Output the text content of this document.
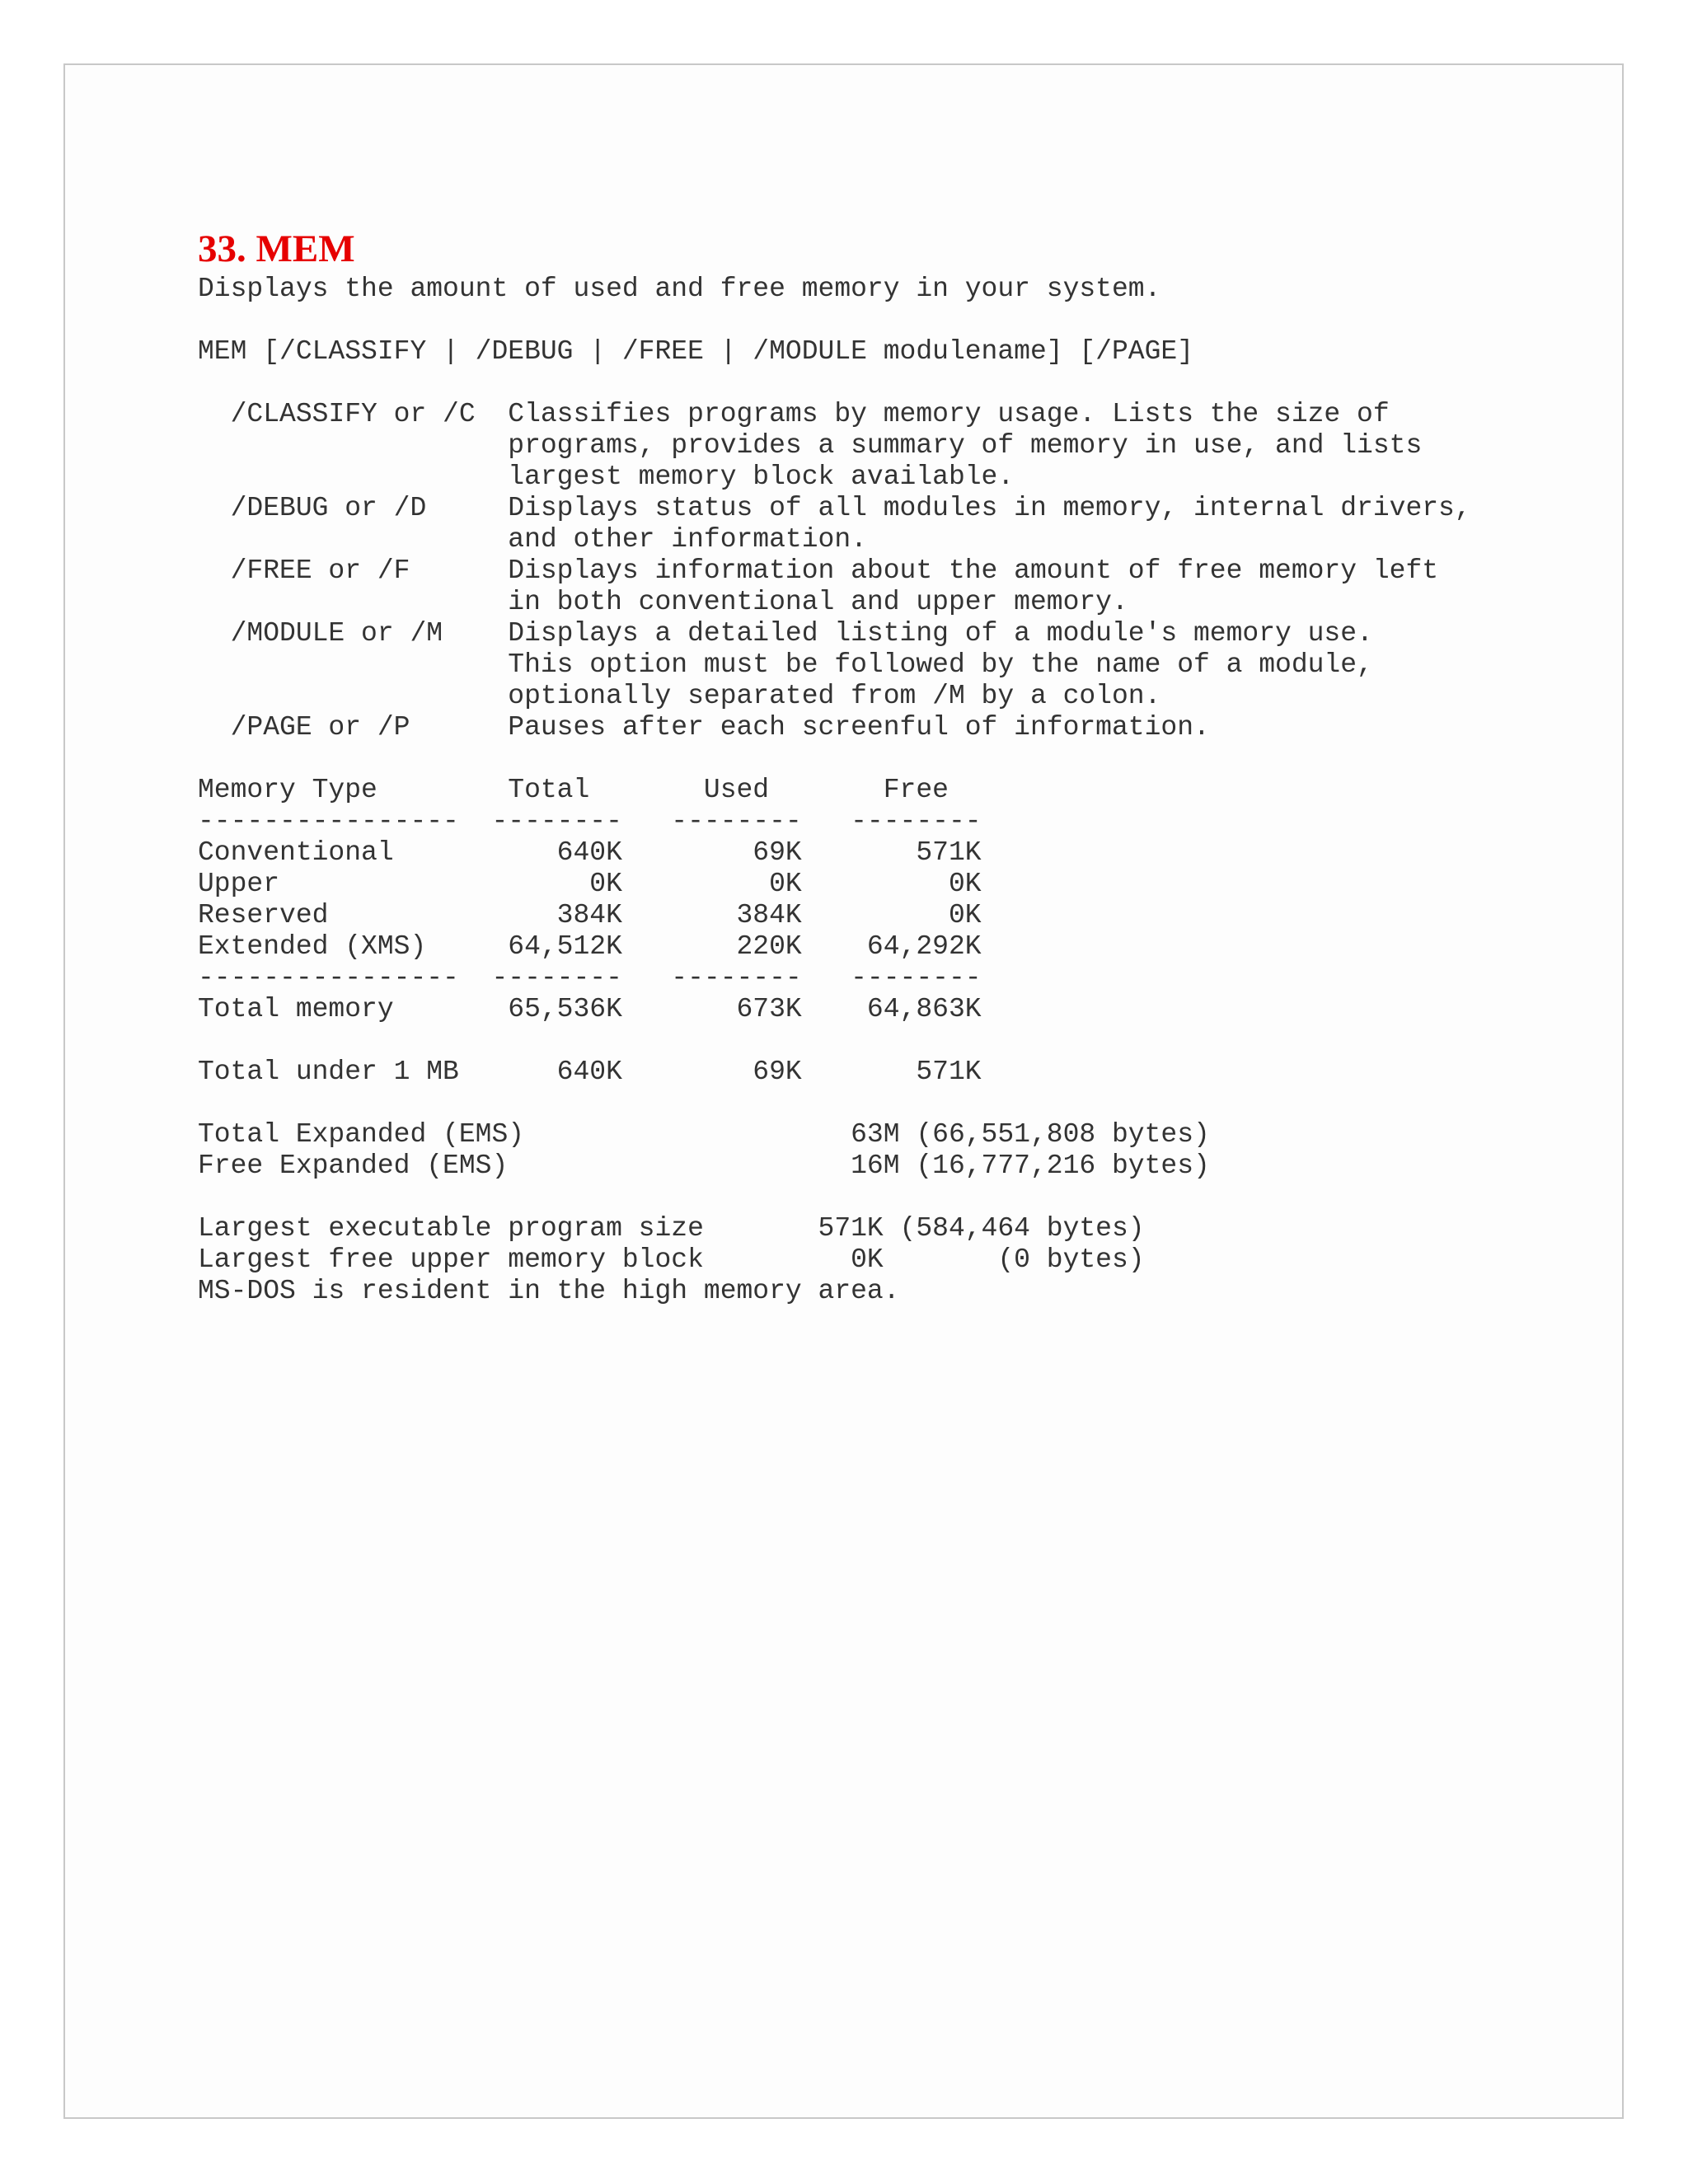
33. MEM
Displays the amount of used and free memory in your system.

MEM [/CLASSIFY | /DEBUG | /FREE | /MODULE modulename] [/PAGE]

/CLASSIFY or /C  Classifies programs by memory usage. Lists the size of
programs, provides a summary of memory in use, and lists
largest memory block available.
/DEBUG or /D     Displays status of all modules in memory, internal drivers,
and other information.
/FREE or /F      Displays information about the amount of free memory left
in both conventional and upper memory.
/MODULE or /M    Displays a detailed listing of a module's memory use.
This option must be followed by the name of a module,
optionally separated from /M by a colon.
/PAGE or /P      Pauses after each screenful of information.

Memory Type        Total       Used       Free
----------------  --------   --------   --------
Conventional          640K        69K       571K
Upper                   0K         0K         0K
Reserved              384K       384K         0K
Extended (XMS)     64,512K       220K    64,292K
----------------  --------   --------   --------
Total memory       65,536K       673K    64,863K

Total under 1 MB      640K        69K       571K

Total Expanded (EMS)                    63M (66,551,808 bytes)
Free Expanded (EMS)                     16M (16,777,216 bytes)

Largest executable program size       571K (584,464 bytes)
Largest free upper memory block         0K       (0 bytes)
MS-DOS is resident in the high memory area.
